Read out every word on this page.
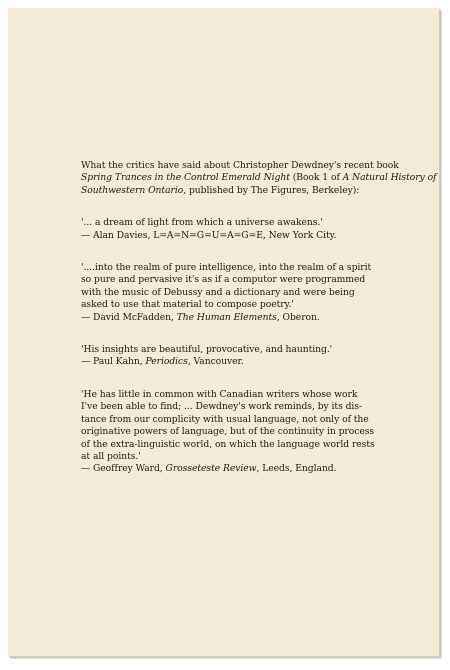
What the critics have said about Christopher Dewdney's recent book
Spring Trances in the Control Emerald Night (Book 1 of A Natural History of
Southwestern Ontario, published by The Figures, Berkeley):

'... a dream of light from which a universe awakens.'
— Alan Davies, L=A=N=G=U=A=G=E, New York City.

'....into the realm of pure intelligence, into the realm of a spirit
so pure and pervasive it's as if a computor were programmed
with the music of Debussy and a dictionary and were being
asked to use that material to compose poetry.'
— David McFadden, The Human Elements, Oberon.

'His insights are beautiful, provocative, and haunting.'
— Paul Kahn, Periodics, Vancouver.

'He has little in common with Canadian writers whose work
I've been able to find; ... Dewdney's work reminds, by its dis-
tance from our complicity with usual language, not only of the
originative powers of language, but of the continuity in process
of the extra-linguistic world, on which the language world rests
at all points.'
— Geoffrey Ward, Grosseteste Review, Leeds, England.
